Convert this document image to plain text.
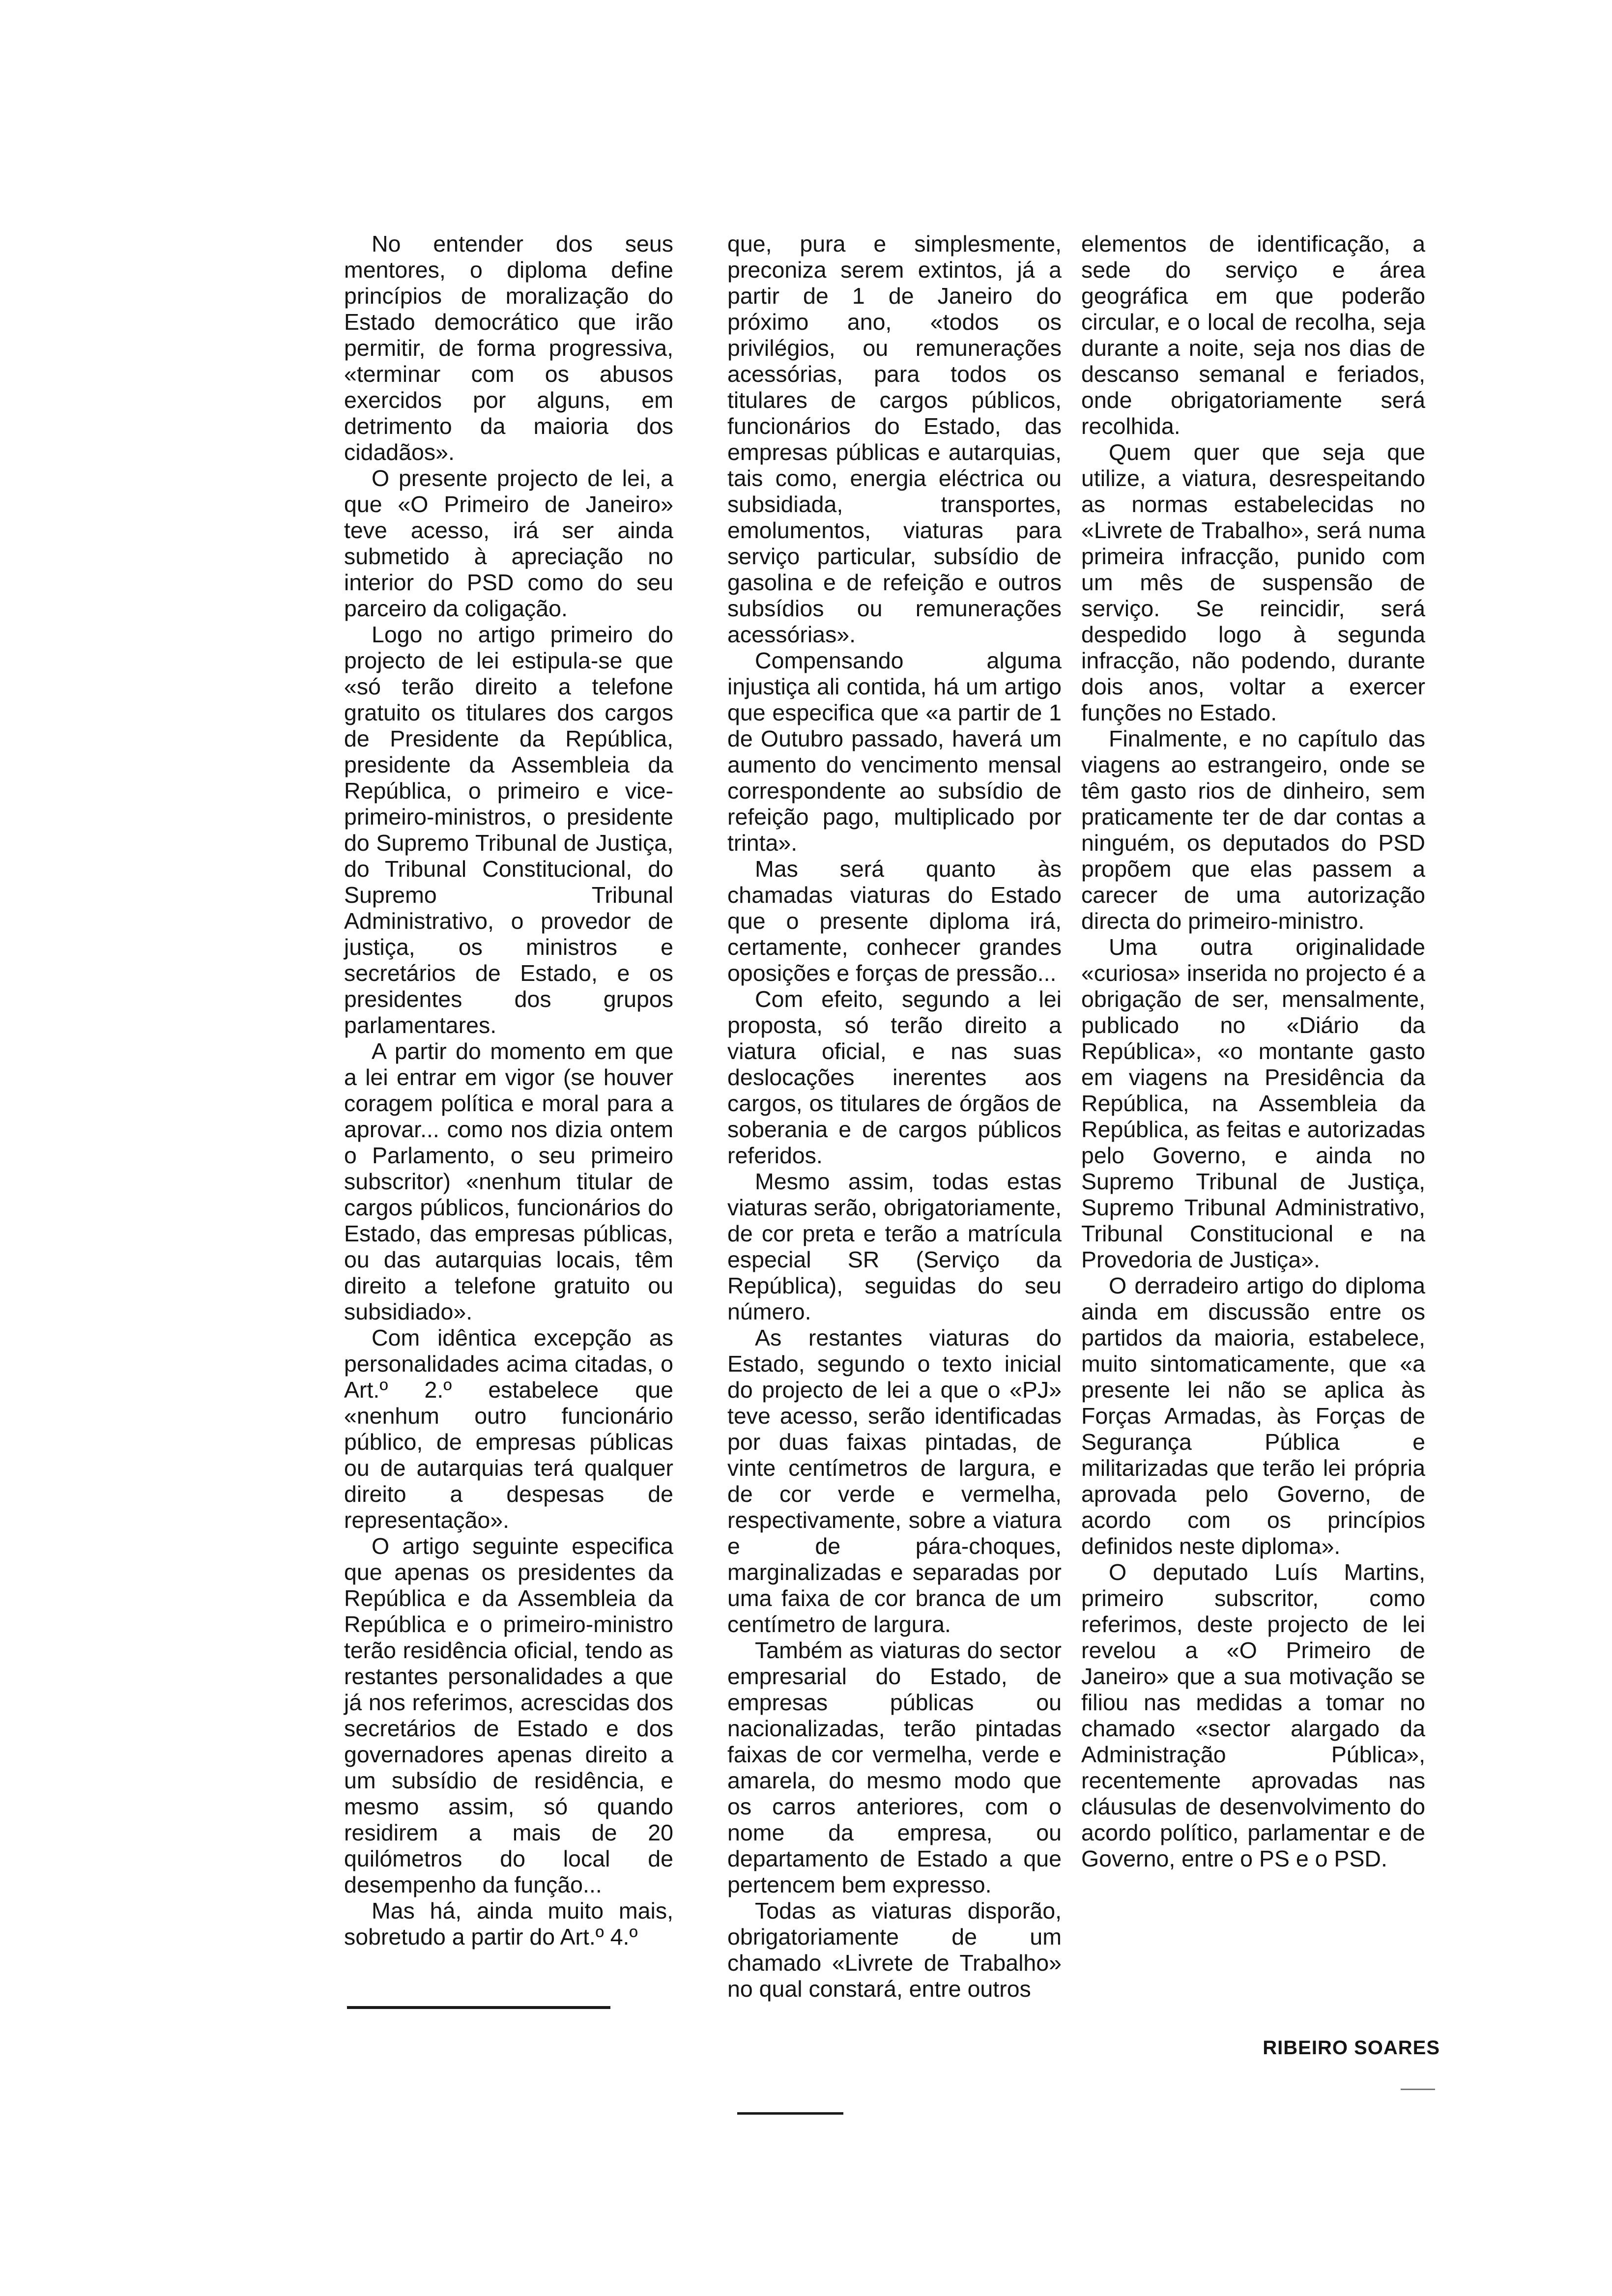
No entender dos seus mentores, o diploma define princípios de moralização do Estado democrático que irão permitir, de forma progressiva, «terminar com os abusos exercidos por alguns, em detrimento da maioria dos cidadãos».

O presente projecto de lei, a que «O Primeiro de Janeiro» teve acesso, irá ser ainda submetido à apreciação no interior do PSD como do seu parceiro da coligação.

Logo no artigo primeiro do projecto de lei estipula-se que «só terão direito a telefone gratuito os titulares dos cargos de Presidente da República, presidente da Assembleia da República, o primeiro e vice-primeiro-ministros, o presidente do Supremo Tribunal de Justiça, do Tribunal Constitucional, do Supremo Tribunal Administrativo, o provedor de justiça, os ministros e secretários de Estado, e os presidentes dos grupos parlamentares.

A partir do momento em que a lei entrar em vigor (se houver coragem política e moral para a aprovar... como nos dizia ontem o Parlamento, o seu primeiro subscritor) «nenhum titular de cargos públicos, funcionários do Estado, das empresas públicas, ou das autarquias locais, têm direito a telefone gratuito ou subsidiado».

Com idêntica excepção as personalidades acima citadas, o Art.º 2.º estabelece que «nenhum outro funcionário público, de empresas públicas ou de autarquias terá qualquer direito a despesas de representação».

O artigo seguinte especifica que apenas os presidentes da República e da Assembleia da República e o primeiro-ministro terão residência oficial, tendo as restantes personalidades a que já nos referimos, acrescidas dos secretários de Estado e dos governadores apenas direito a um subsídio de residência, e mesmo assim, só quando residirem a mais de 20 quilómetros do local de desempenho da função...

Mas há, ainda muito mais, sobretudo a partir do Art.º 4.º

que, pura e simplesmente, preconiza serem extintos, já a partir de 1 de Janeiro do próximo ano, «todos os privilégios, ou remunerações acessórias, para todos os titulares de cargos públicos, funcionários do Estado, das empresas públicas e autarquias, tais como, energia eléctrica ou subsidiada, transportes, emolumentos, viaturas para serviço particular, subsídio de gasolina e de refeição e outros subsídios ou remunerações acessórias».

Compensando alguma injustiça ali contida, há um artigo que especifica que «a partir de 1 de Outubro passado, haverá um aumento do vencimento mensal correspondente ao subsídio de refeição pago, multiplicado por trinta».

Mas será quanto às chamadas viaturas do Estado que o presente diploma irá, certamente, conhecer grandes oposições e forças de pressão...

Com efeito, segundo a lei proposta, só terão direito a viatura oficial, e nas suas deslocações inerentes aos cargos, os titulares de órgãos de soberania e de cargos públicos referidos.

Mesmo assim, todas estas viaturas serão, obrigatoriamente, de cor preta e terão a matrícula especial SR (Serviço da República), seguidas do seu número.

As restantes viaturas do Estado, segundo o texto inicial do projecto de lei a que o «PJ» teve acesso, serão identificadas por duas faixas pintadas, de vinte centímetros de largura, e de cor verde e vermelha, respectivamente, sobre a viatura e de pára-choques, marginalizadas e separadas por uma faixa de cor branca de um centímetro de largura.

Também as viaturas do sector empresarial do Estado, de empresas públicas ou nacionalizadas, terão pintadas faixas de cor vermelha, verde e amarela, do mesmo modo que os carros anteriores, com o nome da empresa, ou departamento de Estado a que pertencem bem expresso.

Todas as viaturas disporão, obrigatoriamente de um chamado «Livrete de Trabalho» no qual constará, entre outros

elementos de identificação, a sede do serviço e área geográfica em que poderão circular, e o local de recolha, seja durante a noite, seja nos dias de descanso semanal e feriados, onde obrigatoriamente será recolhida.

Quem quer que seja que utilize, a viatura, desrespeitando as normas estabelecidas no «Livrete de Trabalho», será numa primeira infracção, punido com um mês de suspensão de serviço. Se reincidir, será despedido logo à segunda infracção, não podendo, durante dois anos, voltar a exercer funções no Estado.

Finalmente, e no capítulo das viagens ao estrangeiro, onde se têm gasto rios de dinheiro, sem praticamente ter de dar contas a ninguém, os deputados do PSD propõem que elas passem a carecer de uma autorização directa do primeiro-ministro.

Uma outra originalidade «curiosa» inserida no projecto é a obrigação de ser, mensalmente, publicado no «Diário da República», «o montante gasto em viagens na Presidência da República, na Assembleia da República, as feitas e autorizadas pelo Governo, e ainda no Supremo Tribunal de Justiça, Supremo Tribunal Administrativo, Tribunal Constitucional e na Provedoria de Justiça».

O derradeiro artigo do diploma ainda em discussão entre os partidos da maioria, estabelece, muito sintomaticamente, que «a presente lei não se aplica às Forças Armadas, às Forças de Segurança Pública e militarizadas que terão lei própria aprovada pelo Governo, de acordo com os princípios definidos neste diploma».

O deputado Luís Martins, primeiro subscritor, como referimos, deste projecto de lei revelou a «O Primeiro de Janeiro» que a sua motivação se filiou nas medidas a tomar no chamado «sector alargado da Administração Pública», recentemente aprovadas nas cláusulas de desenvolvimento do acordo político, parlamentar e de Governo, entre o PS e o PSD.

RIBEIRO SOARES
